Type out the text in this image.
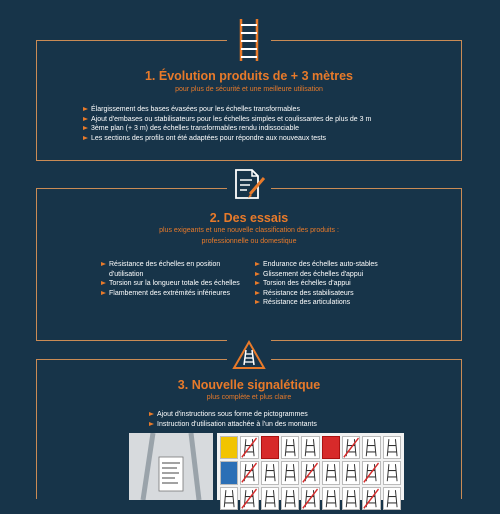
1. Évolution produits de + 3 mètres
pour plus de sécurité et une meilleure utilisation
Élargissement des bases évasées pour les échelles transformables
Ajout d'embases ou stabilisateurs pour les échelles simples et coulissantes de plus de 3 m
3ème plan (+ 3 m) des échelles transformables rendu indissociable
Les sections des profils ont été adaptées pour répondre aux nouveaux tests
2. Des essais
plus exigeants et une nouvelle classification des produits :
professionnelle ou domestique
Résistance des échelles en position d'utilisation
Torsion sur la longueur totale des échelles
Flambement des extrémités inférieures
Endurance des échelles auto-stables
Glissement des échelles d'appui
Torsion des échelles d'appui
Résistance des stabilisateurs
Résistance des articulations
3. Nouvelle signalétique
plus complète et plus claire
Ajout d'instructions sous forme de pictogrammes
Instruction d'utilisation attachée à l'un des montants
